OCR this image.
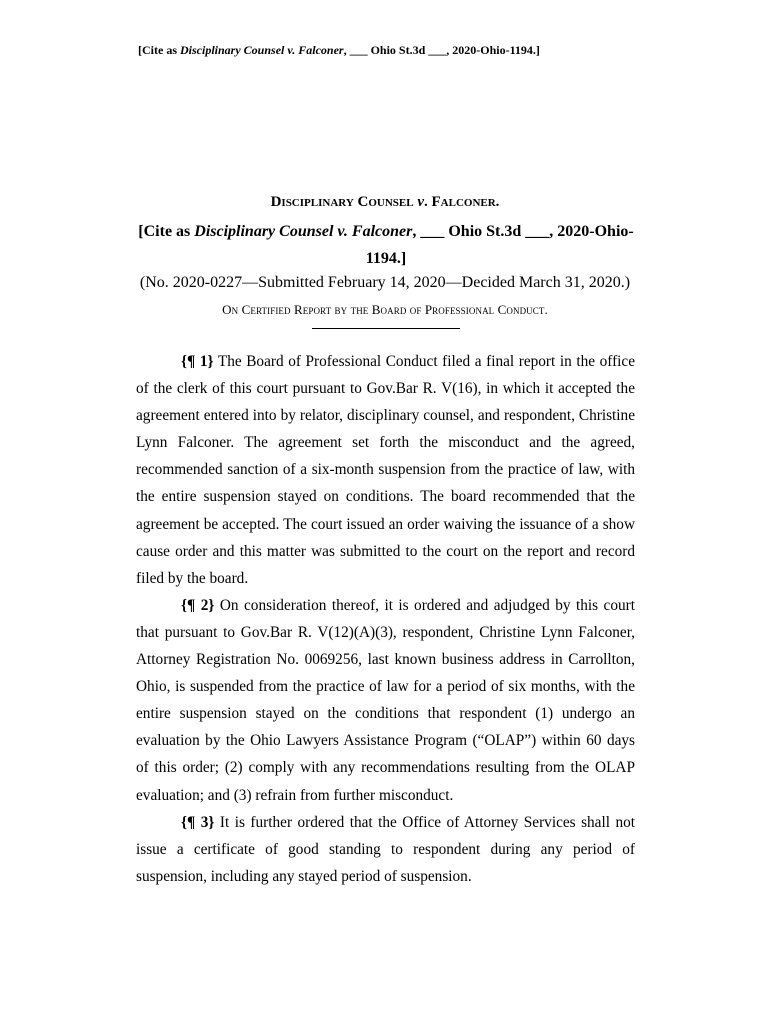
[Cite as Disciplinary Counsel v. Falconer, ___ Ohio St.3d ___, 2020-Ohio-1194.]
Disciplinary Counsel v. Falconer.
[Cite as Disciplinary Counsel v. Falconer, ___ Ohio St.3d ___, 2020-Ohio-1194.]
(No. 2020-0227—Submitted February 14, 2020—Decided March 31, 2020.)
On Certified Report by the Board of Professional Conduct.

{¶ 1} The Board of Professional Conduct filed a final report in the office of the clerk of this court pursuant to Gov.Bar R. V(16), in which it accepted the agreement entered into by relator, disciplinary counsel, and respondent, Christine Lynn Falconer. The agreement set forth the misconduct and the agreed, recommended sanction of a six-month suspension from the practice of law, with the entire suspension stayed on conditions. The board recommended that the agreement be accepted. The court issued an order waiving the issuance of a show cause order and this matter was submitted to the court on the report and record filed by the board.

{¶ 2} On consideration thereof, it is ordered and adjudged by this court that pursuant to Gov.Bar R. V(12)(A)(3), respondent, Christine Lynn Falconer, Attorney Registration No. 0069256, last known business address in Carrollton, Ohio, is suspended from the practice of law for a period of six months, with the entire suspension stayed on the conditions that respondent (1) undergo an evaluation by the Ohio Lawyers Assistance Program (“OLAP”) within 60 days of this order; (2) comply with any recommendations resulting from the OLAP evaluation; and (3) refrain from further misconduct.

{¶ 3} It is further ordered that the Office of Attorney Services shall not issue a certificate of good standing to respondent during any period of suspension, including any stayed period of suspension.
